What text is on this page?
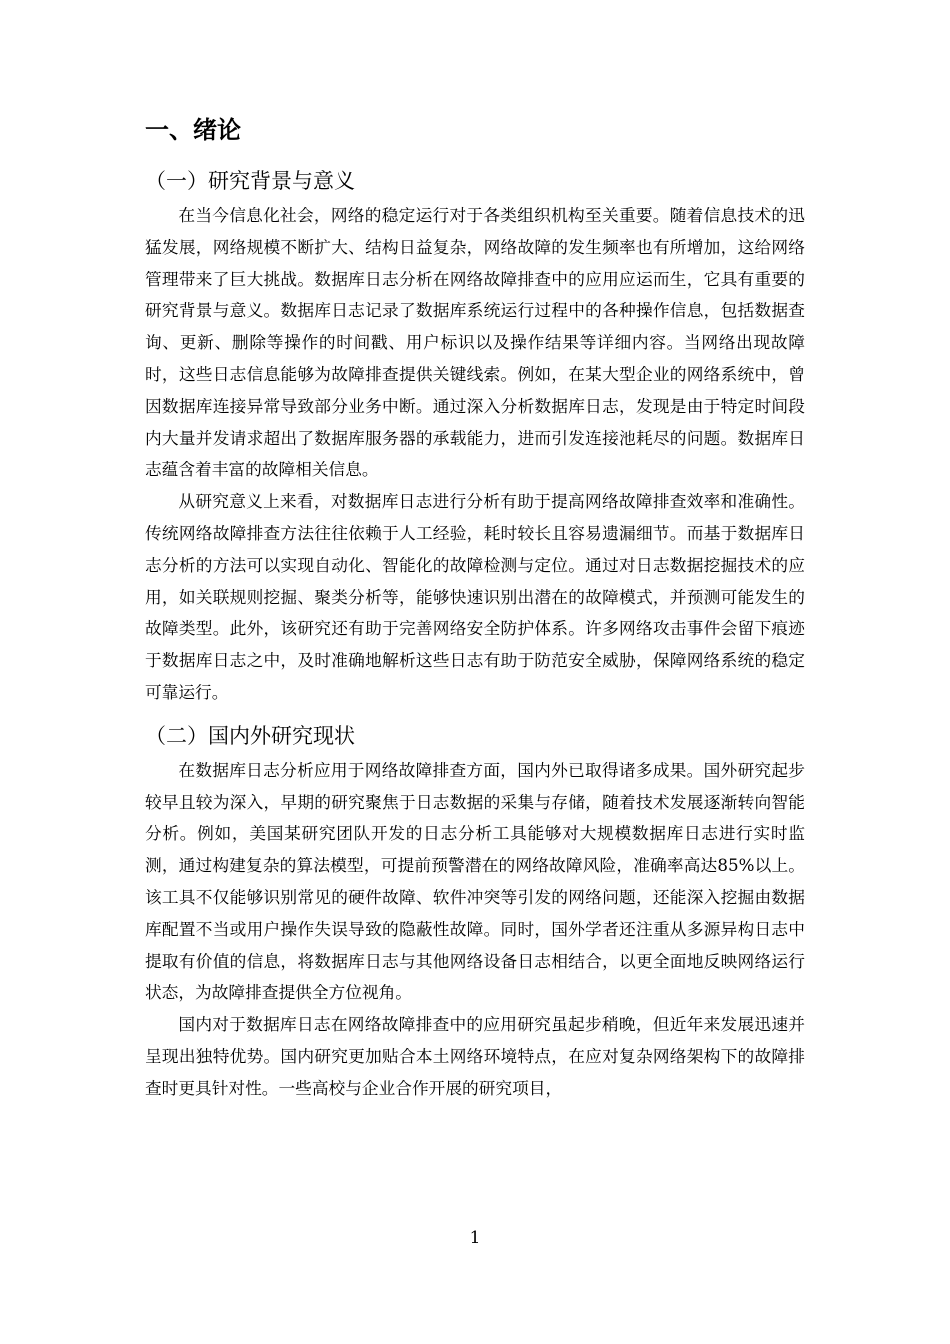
一、绪论
（一）研究背景与意义

在当今信息化社会，网络的稳定运行对于各类组织机构至关重要。随着信息技术的迅猛发展，网络规模不断扩大、结构日益复杂，网络故障的发生频率也有所增加，这给网络管理带来了巨大挑战。数据库日志分析在网络故障排查中的应用应运而生，它具有重要的研究背景与意义。数据库日志记录了数据库系统运行过程中的各种操作信息，包括数据查询、更新、删除等操作的时间戳、用户标识以及操作结果等详细内容。当网络出现故障时，这些日志信息能够为故障排查提供关键线索。例如，在某大型企业的网络系统中，曾因数据库连接异常导致部分业务中断。通过深入分析数据库日志，发现是由于特定时间段内大量并发请求超出了数据库服务器的承载能力，进而引发连接池耗尽的问题。数据库日志蕴含着丰富的故障相关信息。

从研究意义上来看，对数据库日志进行分析有助于提高网络故障排查效率和准确性。传统网络故障排查方法往往依赖于人工经验，耗时较长且容易遗漏细节。而基于数据库日志分析的方法可以实现自动化、智能化的故障检测与定位。通过对日志数据挖掘技术的应用，如关联规则挖掘、聚类分析等，能够快速识别出潜在的故障模式，并预测可能发生的故障类型。此外，该研究还有助于完善网络安全防护体系。许多网络攻击事件会留下痕迹于数据库日志之中，及时准确地解析这些日志有助于防范安全威胁，保障网络系统的稳定可靠运行。

（二）国内外研究现状

在数据库日志分析应用于网络故障排查方面，国内外已取得诸多成果。国外研究起步较早且较为深入，早期的研究聚焦于日志数据的采集与存储，随着技术发展逐渐转向智能分析。例如，美国某研究团队开发的日志分析工具能够对大规模数据库日志进行实时监测，通过构建复杂的算法模型，可提前预警潜在的网络故障风险，准确率高达85%以上。该工具不仅能够识别常见的硬件故障、软件冲突等引发的网络问题，还能深入挖掘由数据库配置不当或用户操作失误导致的隐蔽性故障。同时，国外学者还注重从多源异构日志中提取有价值的信息，将数据库日志与其他网络设备日志相结合，以更全面地反映网络运行状态，为故障排查提供全方位视角。

国内对于数据库日志在网络故障排查中的应用研究虽起步稍晚，但近年来发展迅速并呈现出独特优势。国内研究更加贴合本土网络环境特点，在应对复杂网络架构下的故障排查时更具针对性。一些高校与企业合作开展的研究项目，

1
